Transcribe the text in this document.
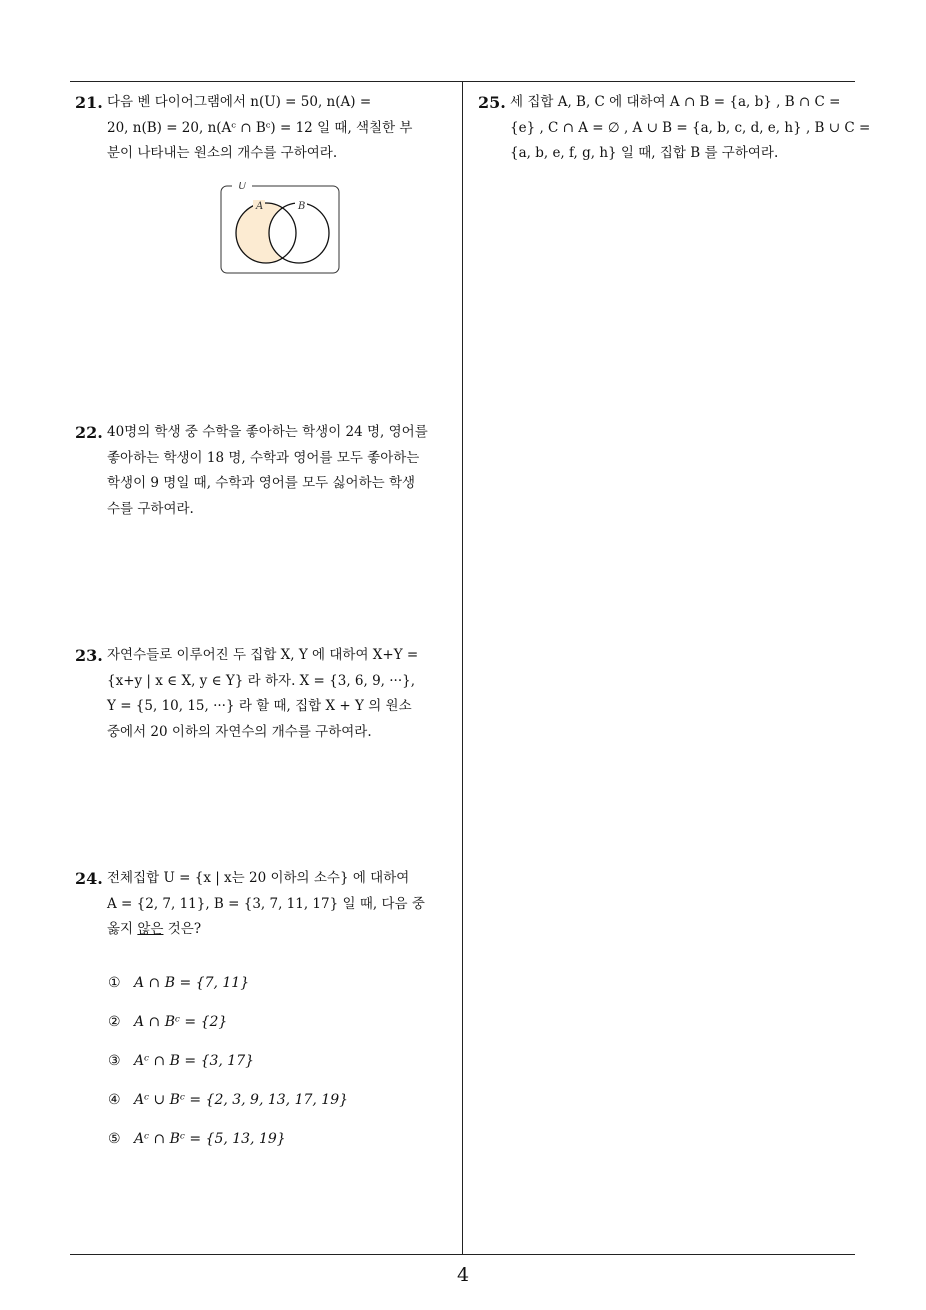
21. 다음 벤 다이어그램에서 n(U) = 50, n(A) =
20, n(B) = 20, n(Aᶜ ∩ Bᶜ) = 12 일 때, 색칠한 부
분이 나타내는 원소의 개수를 구하여라.
U
A	B
22. 40명의 학생 중 수학을 좋아하는 학생이 24 명, 영어를
좋아하는 학생이 18 명, 수학과 영어를 모두 좋아하는
학생이 9 명일 때, 수학과 영어를 모두 싫어하는 학생
수를 구하여라.
23. 자연수들로 이루어진 두 집합 X, Y 에 대하여 X+Y =
{x+y | x ∈ X, y ∈ Y} 라 하자. X = {3, 6, 9, ···},
Y = {5, 10, 15, ···} 라 할 때, 집합 X + Y 의 원소
중에서 20 이하의 자연수의 개수를 구하여라.
24. 전체집합 U = {x | x는 20 이하의 소수} 에 대하여
A = {2, 7, 11}, B = {3, 7, 11, 17} 일 때, 다음 중
옳지 않은 것은?
① A ∩ B = {7, 11}
② A ∩ Bᶜ = {2}
③ Aᶜ ∩ B = {3, 17}
④ Aᶜ ∪ Bᶜ = {2, 3, 9, 13, 17, 19}
⑤ Aᶜ ∩ Bᶜ = {5, 13, 19}
25. 세 집합 A, B, C 에 대하여 A ∩ B = {a, b} , B ∩ C =
{e} , C ∩ A = ∅ , A ∪ B = {a, b, c, d, e, h} , B ∪ C =
{a, b, e, f, g, h} 일 때, 집합 B 를 구하여라.
4
